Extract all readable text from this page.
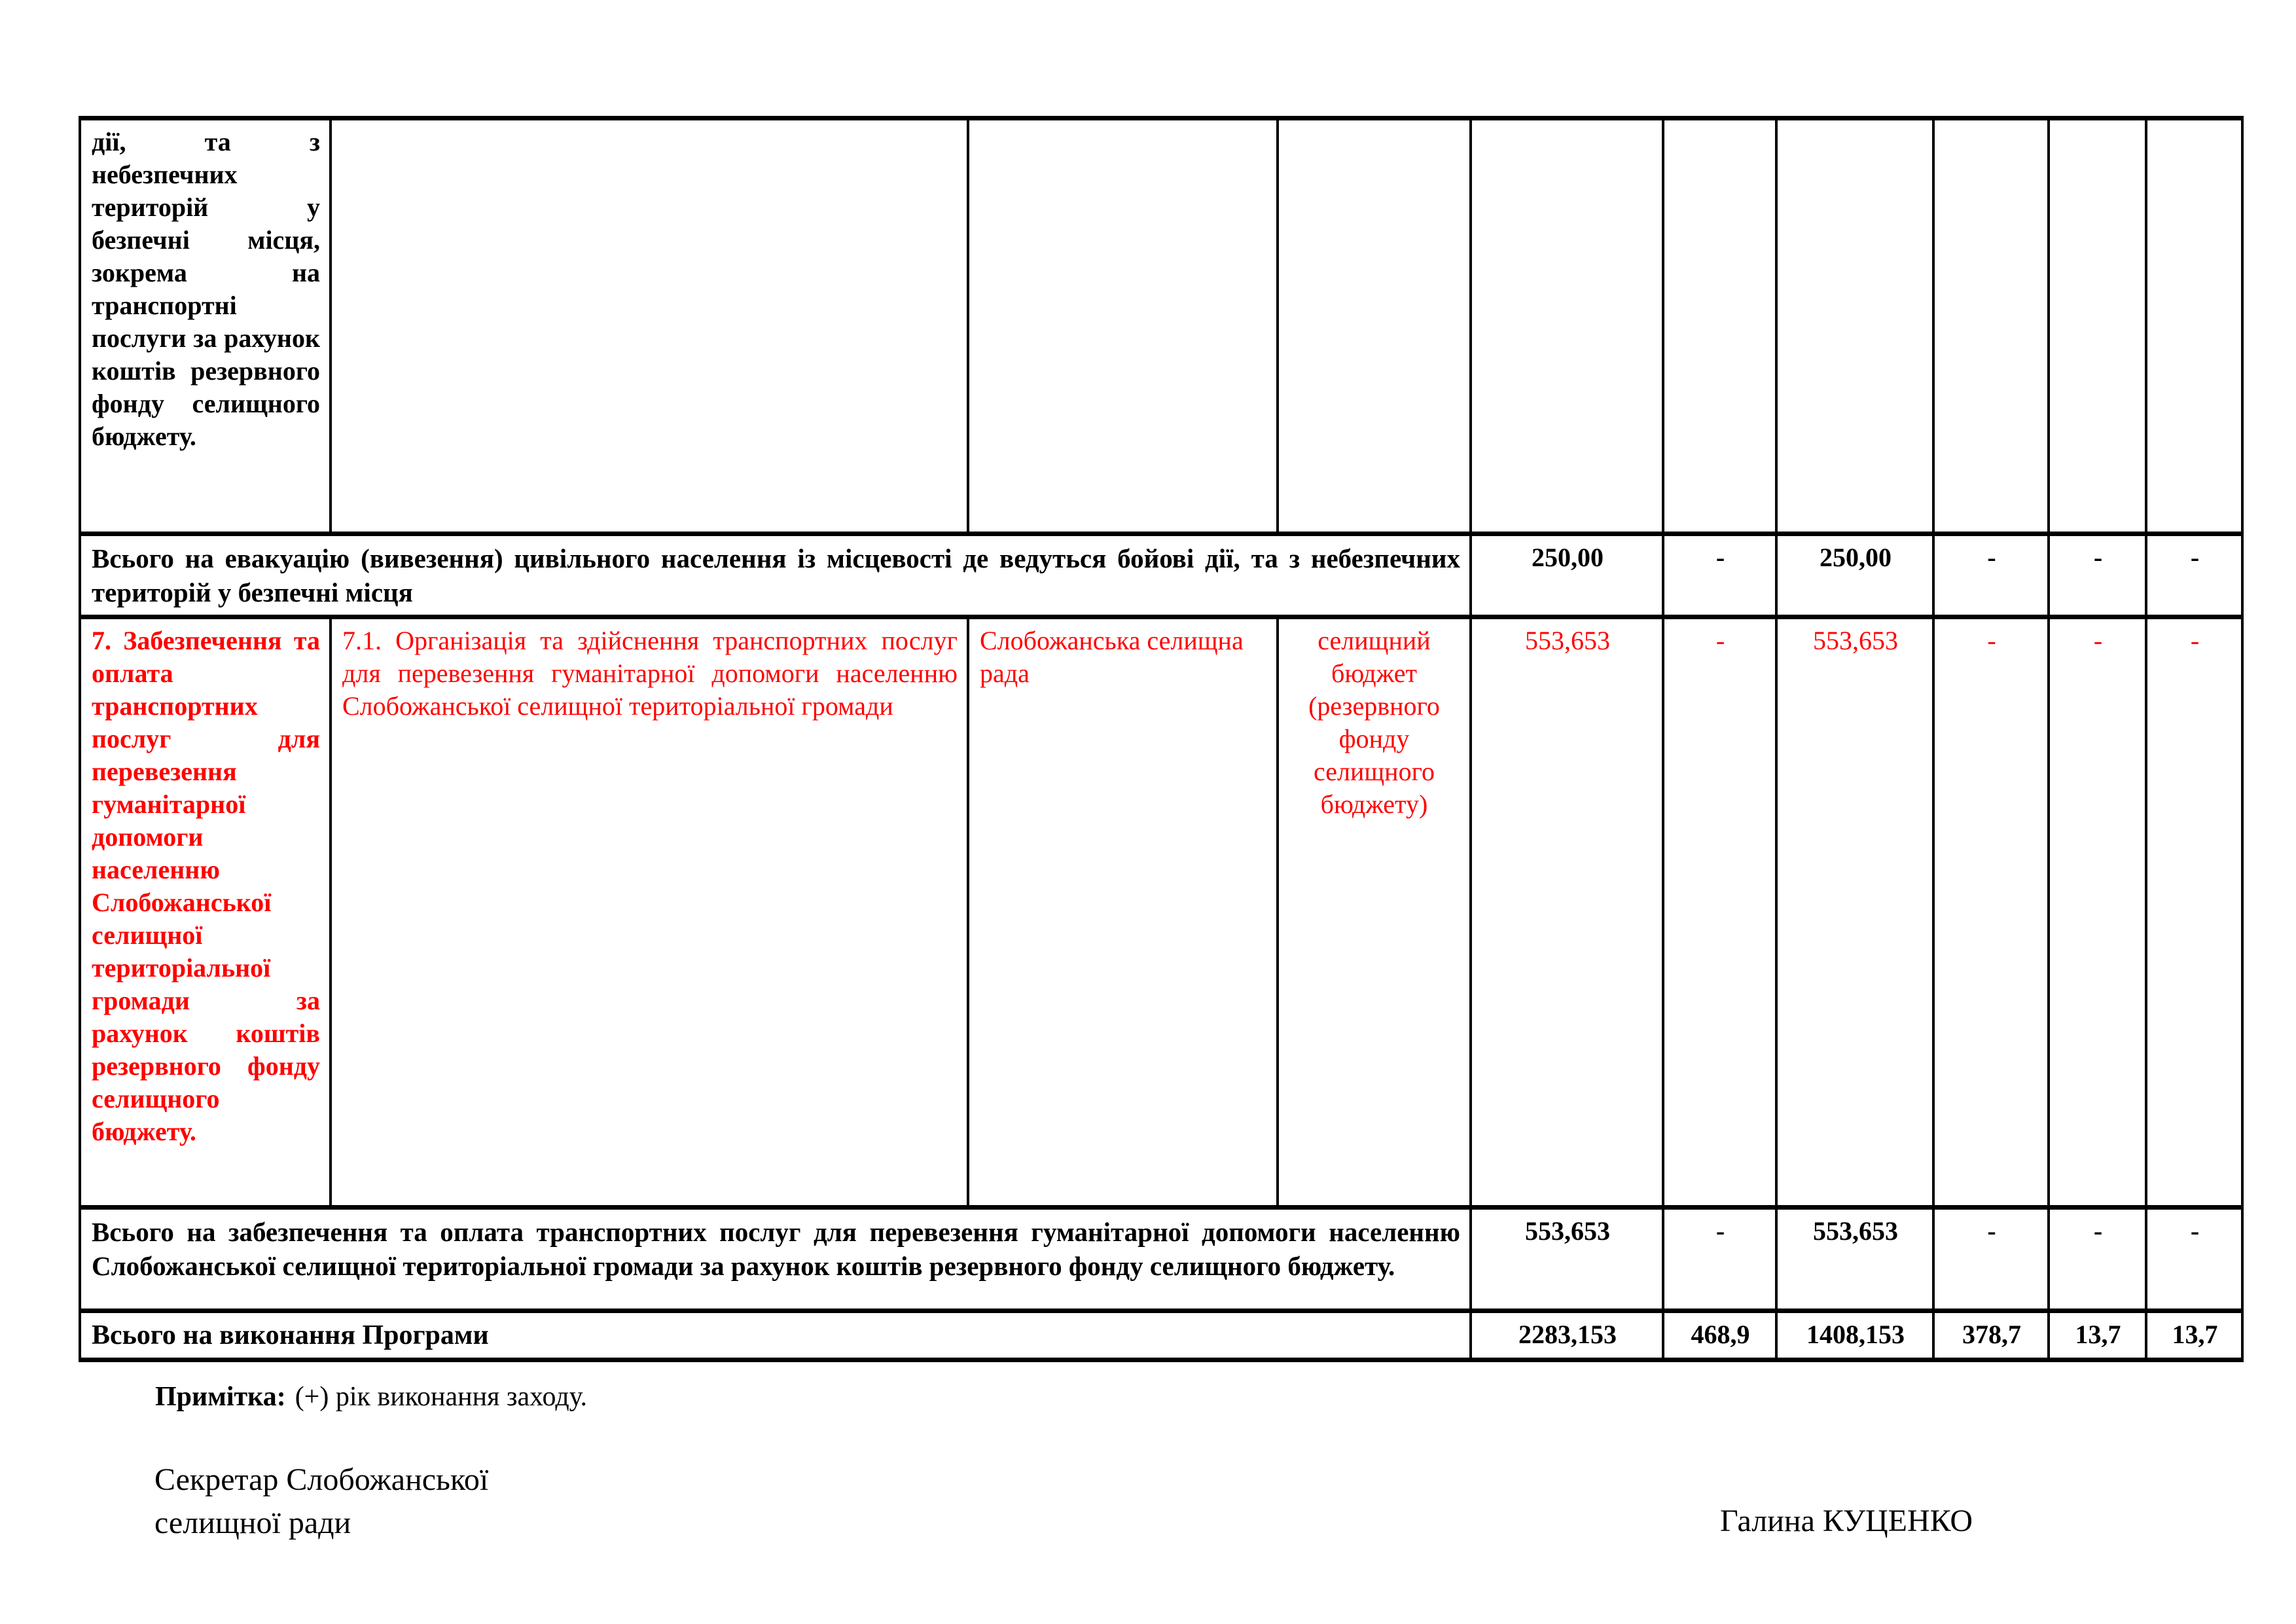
дії, та з небезпечних територій у безпечні місця, зокрема на транспортні послуги за рахунок коштів резервного фонду селищного бюджету.									
Всього на евакуацію (вивезення) цивільного населення із місцевості де ведуться бойові дії, та з небезпечних територій у безпечні місця				250,00	-	250,00	-	-	-
7. Забезпечення та оплата транспортних послуг для перевезення гуманітарної допомоги населенню Слобожанської селищної територіальної громади за рахунок коштів резервного фонду селищного бюджету.	7.1. Організація та здійснення транспортних послуг для перевезення гуманітарної допомоги населенню Слобожанської селищної територіальної громади	Слобожанська селищна рада	селищний бюджет (резервного фонду селищного бюджету)	553,653	-	553,653	-	-	-
Всього на забезпечення та оплата транспортних послуг для перевезення гуманітарної допомоги населенню Слобожанської селищної територіальної громади за рахунок коштів резервного фонду селищного бюджету.				553,653	-	553,653	-	-	-
Всього на виконання Програми				2283,153	468,9	1408,153	378,7	13,7	13,7

Примітка: (+) рік виконання заходу.

Секретар Слобожанської
селищної ради	Галина КУЦЕНКО
